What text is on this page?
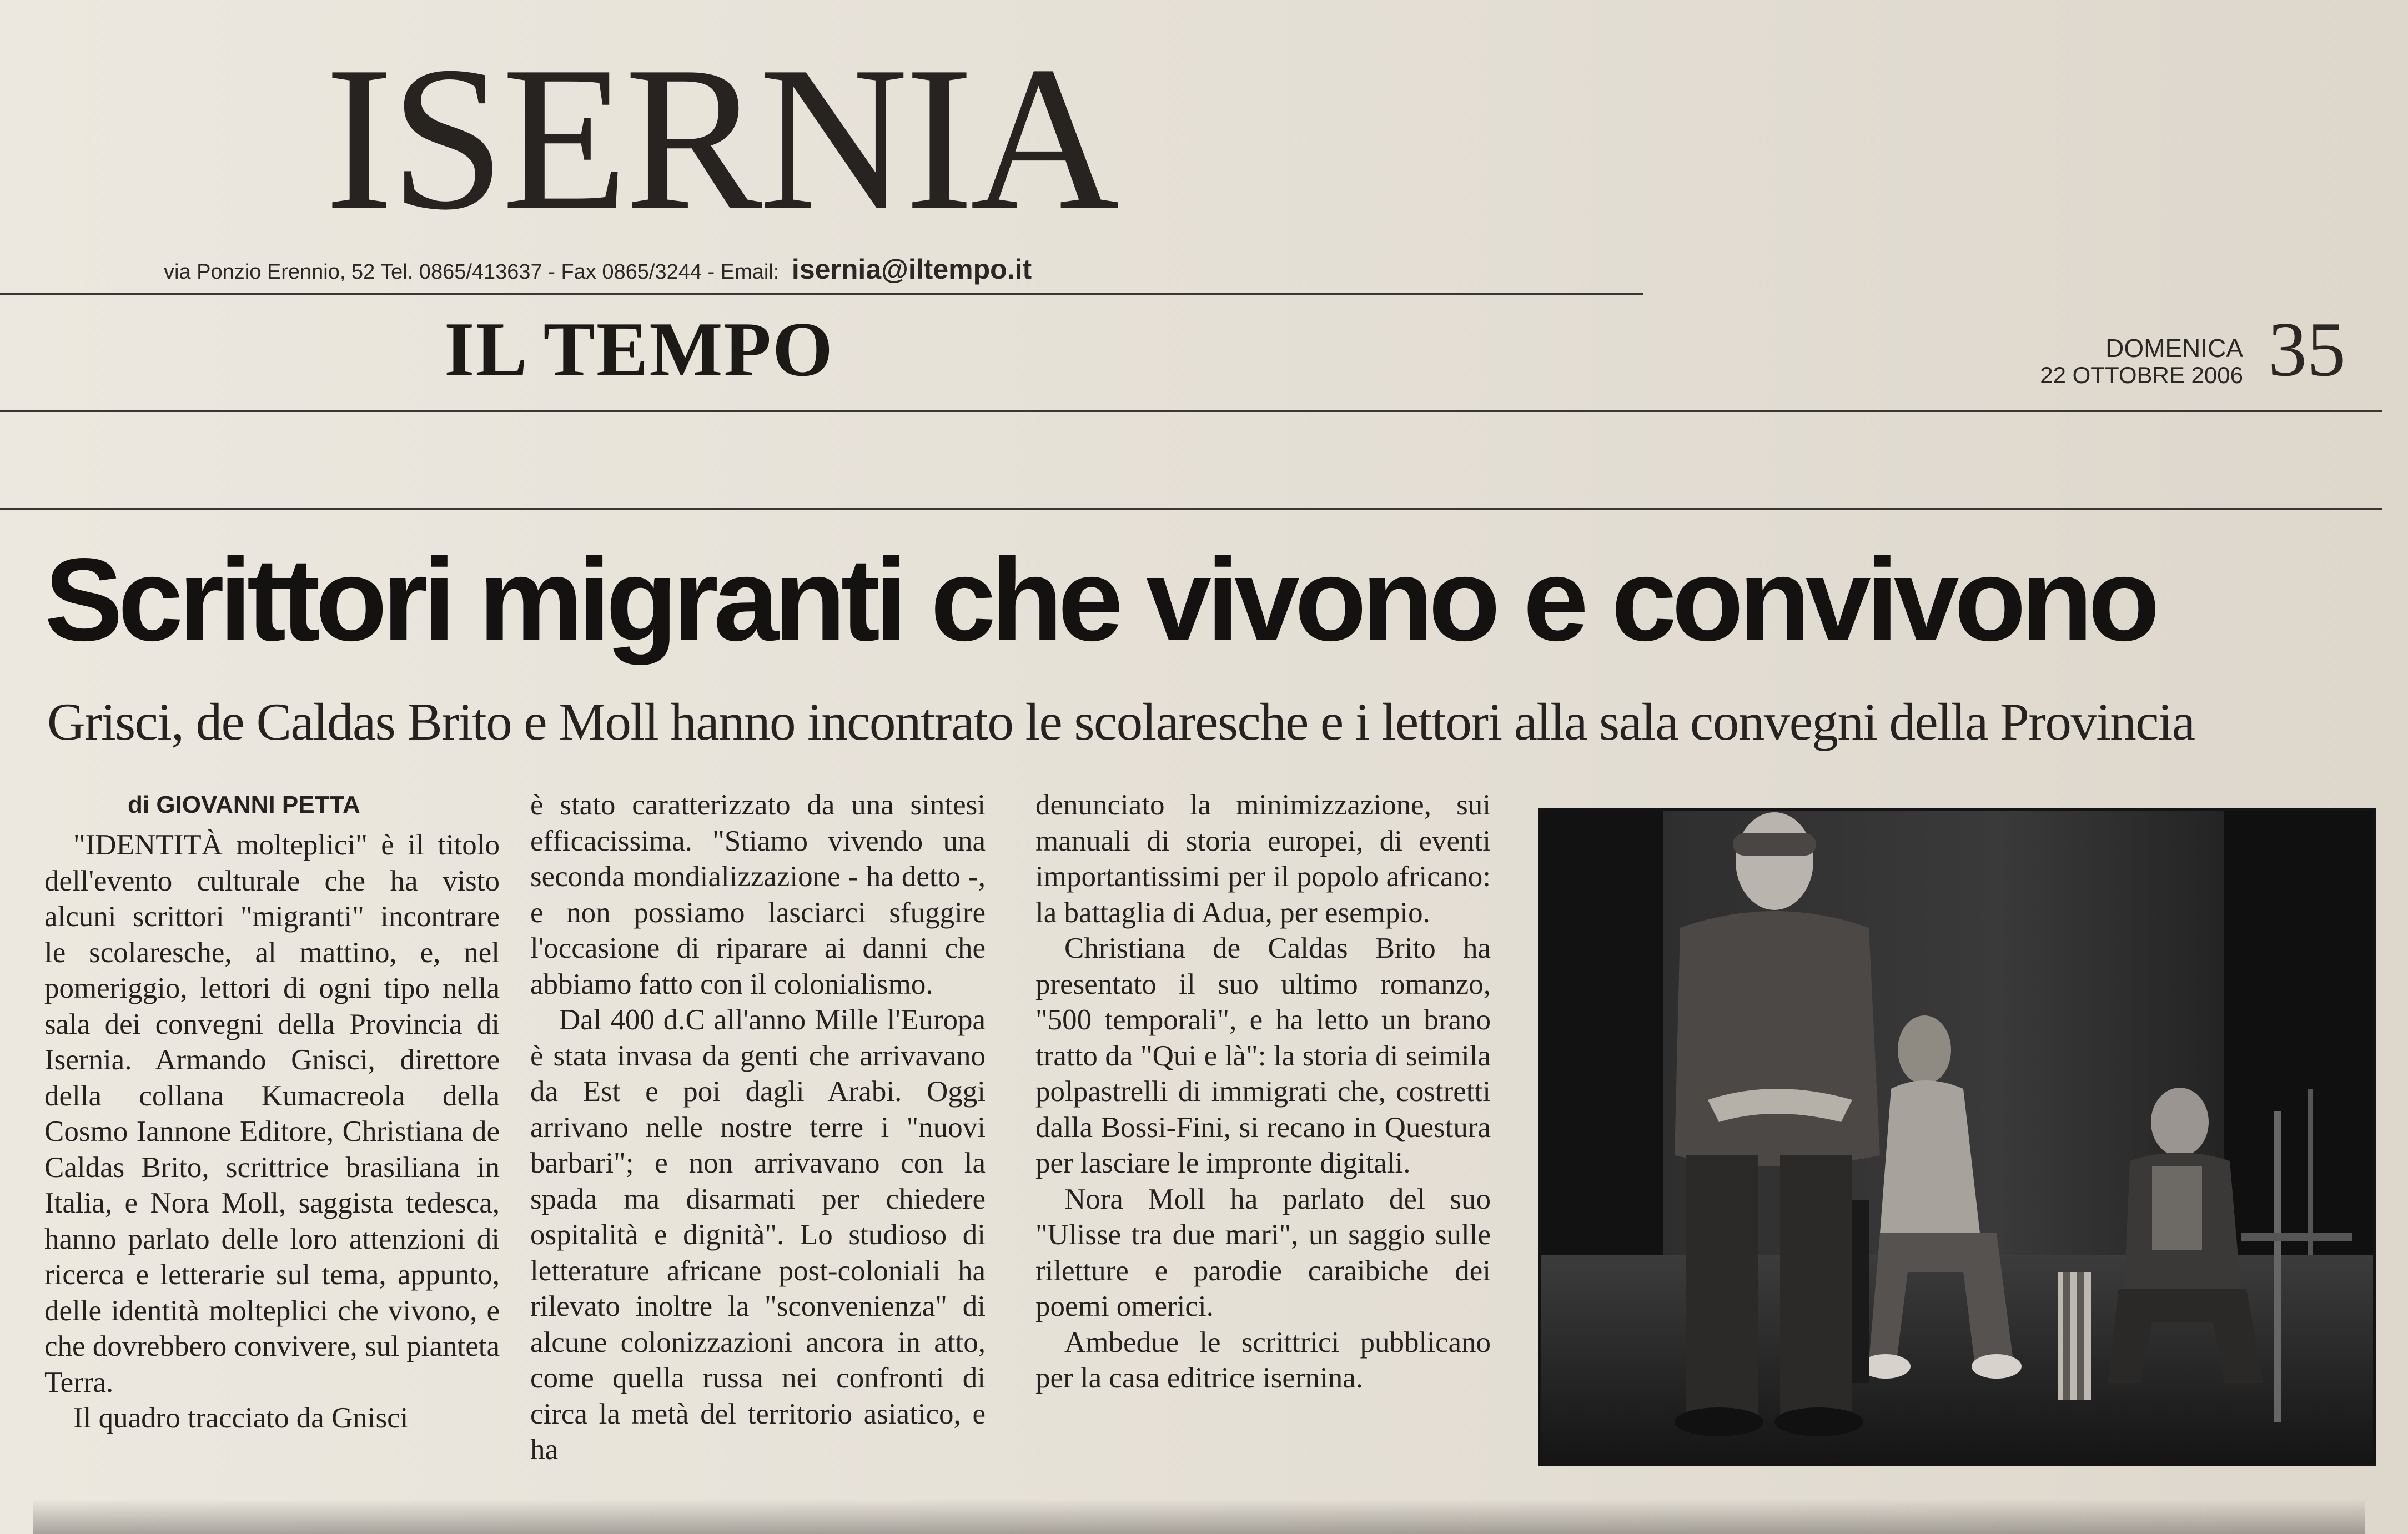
ISERNIA
via Ponzio Erennio, 52 Tel. 0865/413637 - Fax 0865/3244 - Email: isernia@iltempo.it
IL TEMPO	DOMENICA
22 OTTOBRE 2006 35
Scrittori migranti che vivono e convivono
Grisci, de Caldas Brito e Moll hanno incontrato le scolaresche e i lettori alla sala convegni della Provincia
di GIOVANNI PETTA

"IDENTITÀ molteplici" è il titolo dell'evento culturale che ha visto alcuni scrittori "migranti" incontrare le scolaresche, al mattino, e, nel pomeriggio, lettori di ogni tipo nella sala dei convegni della Provincia di Isernia. Armando Gnisci, direttore della collana Kumacreola della Cosmo Iannone Editore, Christiana de Caldas Brito, scrittrice brasiliana in Italia, e Nora Moll, saggista tedesca, hanno parlato delle loro attenzioni di ricerca e letterarie sul tema, appunto, delle identità molteplici che vivono, e che dovrebbero convivere, sul pianteta Terra.

Il quadro tracciato da Gnisci

è stato caratterizzato da una sintesi efficacissima. "Stiamo vivendo una seconda mondializzazione - ha detto -, e non possiamo lasciarci sfuggire l'occasione di riparare ai danni che abbiamo fatto con il colonialismo.

Dal 400 d.C all'anno Mille l'Europa è stata invasa da genti che arrivavano da Est e poi dagli Arabi. Oggi arrivano nelle nostre terre i "nuovi barbari"; e non arrivavano con la spada ma disarmati per chiedere ospitalità e dignità". Lo studioso di letterature africane post-coloniali ha rilevato inoltre la "sconvenienza" di alcune colonizzazioni ancora in atto, come quella russa nei confronti di circa la metà del territorio asiatico, e ha

denunciato la minimizzazione, sui manuali di storia europei, di eventi importantissimi per il popolo africano: la battaglia di Adua, per esempio.

Christiana de Caldas Brito ha presentato il suo ultimo romanzo, "500 temporali", e ha letto un brano tratto da "Qui e là": la storia di seimila polpastrelli di immigrati che, costretti dalla Bossi-Fini, si recano in Questura per lasciare le impronte digitali.

Nora Moll ha parlato del suo "Ulisse tra due mari", un saggio sulle riletture e parodie caraibiche dei poemi omerici.

Ambedue le scrittrici pubblicano per la casa editrice isernina.
